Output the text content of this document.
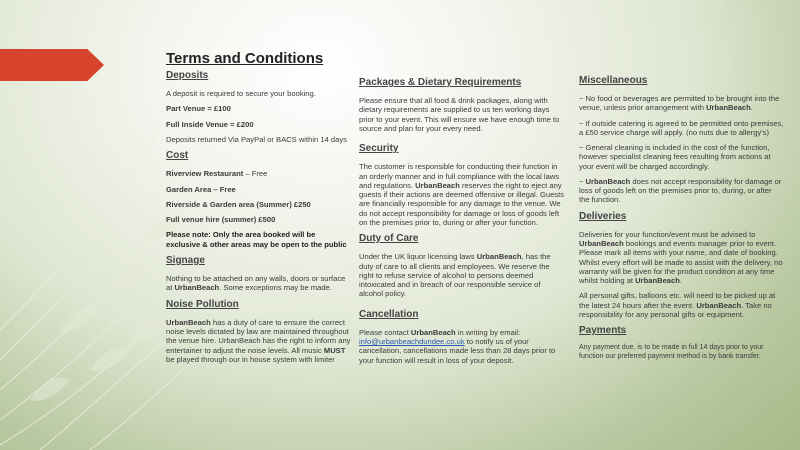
Terms and Conditions
Deposits

A deposit is required to secure your booking.

Part Venue = £100

Full Inside Venue = £200

Deposits returned Via PayPal or BACS within 14 days

Cost

Riverview Restaurant – Free

Garden Area – Free

Riverside & Garden area (Summer) £250

Full venue hire (summer) £500

Please note: Only the area booked will be exclusive & other areas may be open to the public

Signage

Nothing to be attached on any walls, doors or surface at UrbanBeach. Some exceptions may be made.

Noise Pollution

UrbanBeach has a duty of care to ensure the correct noise levels dictated by law are maintained throughout the venue hire. UrbanBeach has the right to inform any entertainer to adjust the noise levels. All music MUST be played through our in house system with limiter

Packages & Dietary Requirements

Please ensure that all food & drink packages, along with dietary requirements are supplied to us ten working days prior to your event. This will ensure we have enough time to source and plan for your every need.

Security

The customer is responsible for conducting their function in an orderly manner and in full compliance with the local laws and regulations. UrbanBeach reserves the right to eject any guests if their actions are deemed offensive or illegal. Guests are financially responsible for any damage to the venue. We do not accept responsibility for damage or loss of goods left on the premises prior to, during or after your function.

Duty of Care

Under the UK liquor licensing laws UrbanBeach, has the duty of care to all clients and employees. We reserve the right to refuse service of alcohol to persons deemed intoxicated and in breach of our responsible service of alcohol policy.

Cancellation

Please contact UrbanBeach in writing by email: info@urbanbeachdundee.co.uk to notify us of your cancellation, cancellations made less than 28 days prior to your function will result in loss of your deposit.

Miscellaneous

~ No food or beverages are permitted to be brought into the venue, unless prior arrangement with UrbanBeach.

~ If outside catering is agreed to be permitted onto premises, a £50 service charge will apply. (no nuts due to allergy's)

~ General cleaning is included in the cost of the function, however specialist cleaning fees resulting from actions at your event will be charged accordingly.

~ UrbanBeach does not accept responsibility for damage or loss of goods left on the premises prior to, during, or after the function.

Deliveries

Deliveries for your function/event must be advised to UrbanBeach bookings and events manager prior to event. Please mark all items with your name, and date of booking. Whilst every effort will be made to assist with the delivery, no warranty will be given for the product condition at any time whilst holding at UrbanBeach.

All personal gifts, balloons etc. will need to be picked up at the latest 24 hours after the event. UrbanBeach. Take no responsibility for any personal gifts or equipment.

Payments

Any payment due, is to be made in full 14 days prior to your function our preferred payment method is by bank transfer.
